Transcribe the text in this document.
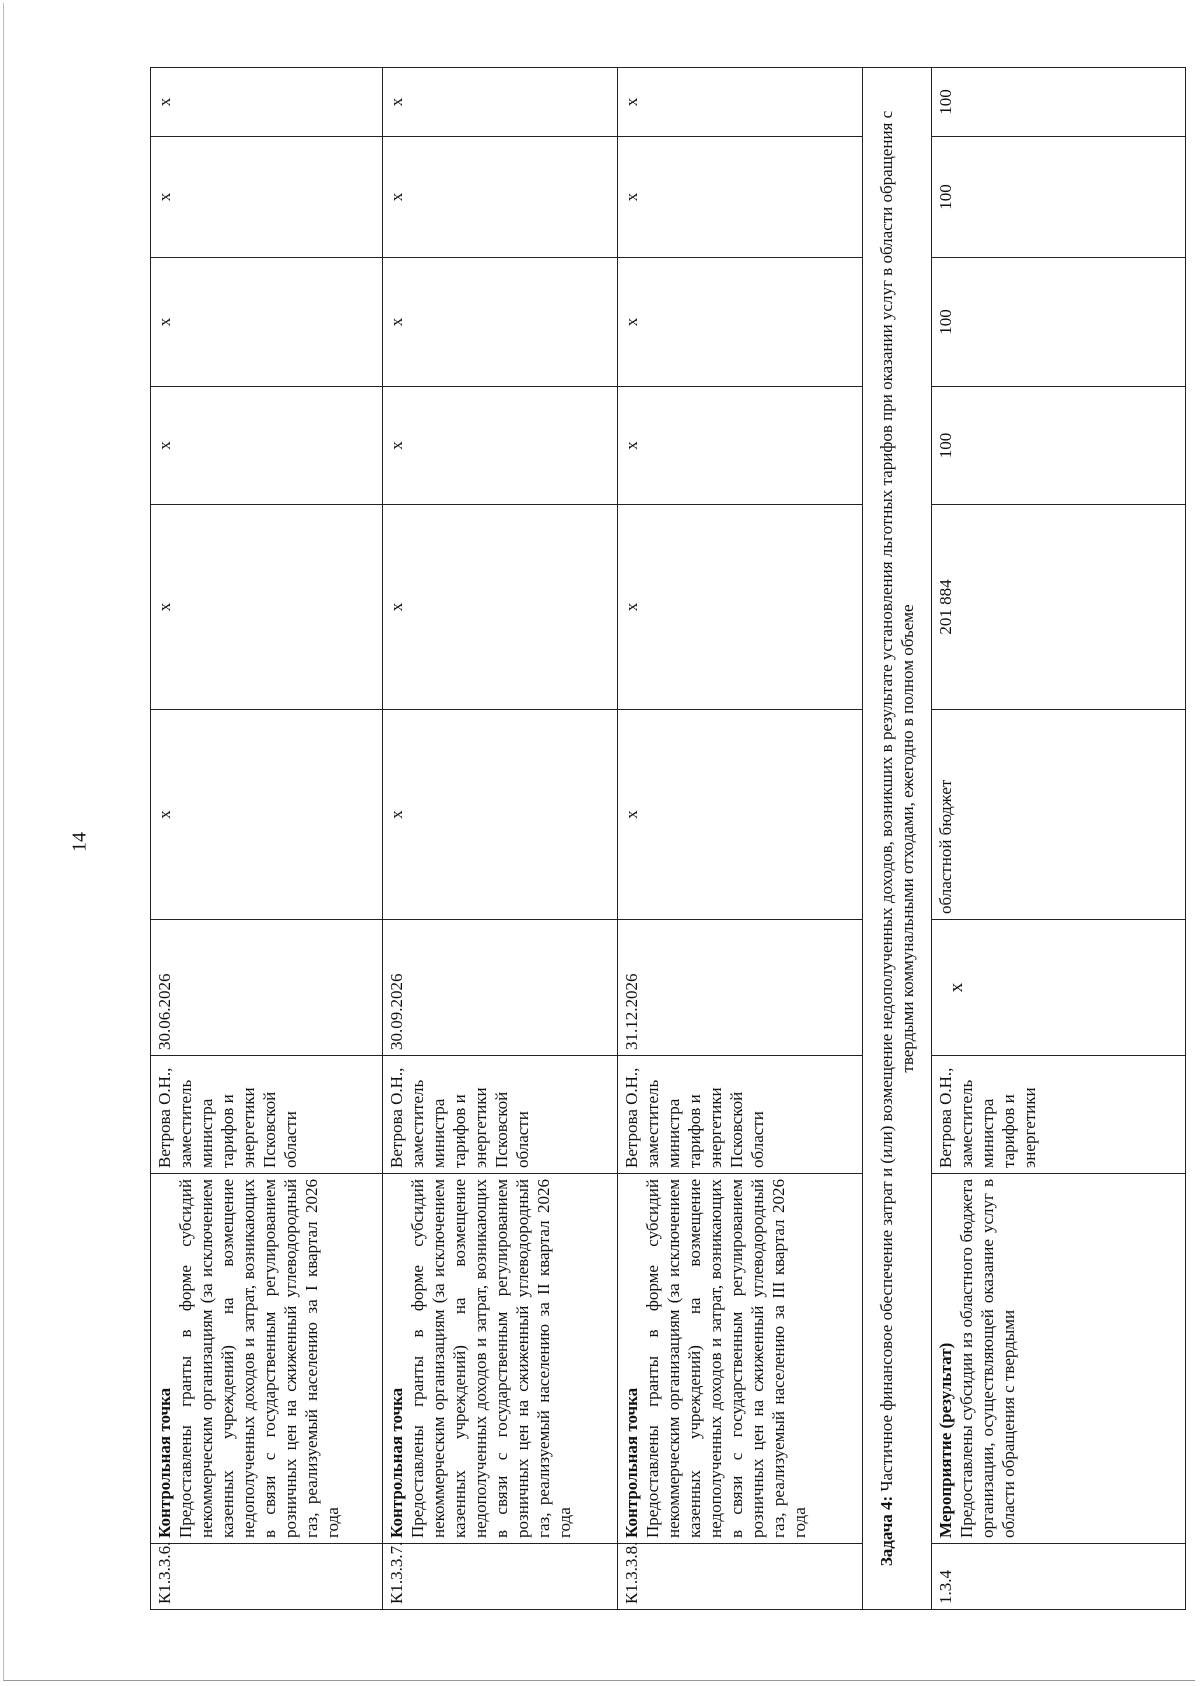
14
К1.3.3.6.	Контрольная точка Предоставлены гранты в форме субсидий некоммерческим организациям (за исключением казенных учреждений) на возмещение недополученных доходов и затрат, возникающих в связи с государственным регулированием розничных цен на сжиженный углеводородный газ, реализуемый населению за I квартал 2026 года	Ветрова О.Н., заместитель министра тарифов и энергетики Псковской области	30.06.2026	x	x	x	x	x	x
К1.3.3.7.	Контрольная точка Предоставлены гранты в форме субсидий некоммерческим организациям (за исключением казенных учреждений) на возмещение недополученных доходов и затрат, возникающих в связи с государственным регулированием розничных цен на сжиженный углеводородный газ, реализуемый населению за II квартал 2026 года	Ветрова О.Н., заместитель министра тарифов и энергетики Псковской области	30.09.2026	x	x	x	x	x	x
К1.3.3.8.	Контрольная точка Предоставлены гранты в форме субсидий некоммерческим организациям (за исключением казенных учреждений) на возмещение недополученных доходов и затрат, возникающих в связи с государственным регулированием розничных цен на сжиженный углеводородный газ, реализуемый населению за III квартал 2026 года	Ветрова О.Н., заместитель министра тарифов и энергетики Псковской области	31.12.2026	x	x	x	x	x	x
Задача 4: Частичное финансовое обеспечение затрат и (или) возмещение недополученных доходов, возникших в результате установления льготных тарифов при оказании услуг в области обращения с твердыми коммунальными отходами, ежегодно в полном объеме									
1.3.4	Мероприятие (результат) Предоставлены субсидии из областного бюджета организации, осуществляющей оказание услуг в области обращения с твердыми	Ветрова О.Н., заместитель министра тарифов и энергетики	x	областной бюджет	201 884	100	100	100	100
